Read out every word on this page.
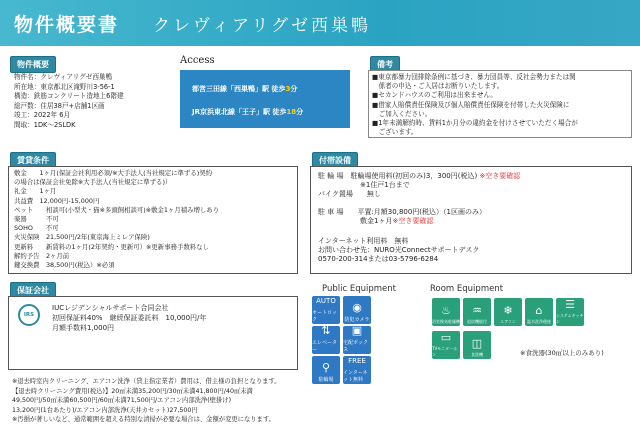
物件概要書 クレヴィアリグゼ西巣鴨
物件概要
物件名：クレヴィアリグゼ西巣鴨
所在地：東京都北区滝野川3-56-1
構造：鉄筋コンクリート造地上6階建
総戸数：住居38戸+店舗1区画
竣工：2022年 6月
間取：1DK～2SLDK
Access
都営三田線「西巣鴨」駅 徒歩3分
JR京浜東北線「王子」駅 徒歩18分
備考
■東京都暴力団排除条例に基づき、暴力団員等、反社会勢力または関
　係者の申込・ご入居はお断りいたします。
■セカンドハウスのご利用は出来ません。
■借家人賠償責任保険及び個人賠償責任保険を付帯した火災保険に
　ご加入ください。
■1年未満解約時、賃料1か月分の違約金を付けさせていただく場合が
　ございます。
賃貸条件
敷金　　1ヶ月(保証会社利用必須/※大手法人(当社規定に準ずる)契約
の場合は保証会社免除※大手法人(当社規定に準ずる)）
礼金　　1ヶ月
共益費　12,000円-15,000円
ペット　　相談可(小型犬・猫※多頭飼相談可)※敷金1ヶ月積み増しあり
楽器　　　不可
SOHO　　不可
火災保険　21,500円/2年(東京海上ミレア保険)
更新料　　新賃料の1ヶ月(2年契約・更新可）※更新事務手数料なし
解約予告　2ヶ月前
鍵交換費　38,500円(税込）※必須
付帯設備
駐 輪 場　駐輪場使用料(初回のみ)3，300円(税込) ※空き要確認
　　　　　　※1住戸1台まで
バイク置場　　無し
駐 車 場　　平置:月額30,800円(税込）（1区画のみ）
　　　　　　敷金1ヶ月※空き要確認
インターネット利用料　無料
お問い合わせ先：NURO光Connectサポートデスク
0570-200-314または03-5796-6284
保証会社
IRS
IUCレジデンシャルサポート合同会社
初回保証料40%　継続保証委託料　10,000円/年
月額手数料1,000円
Public Equipment
AUTO
オートロック
◉
防犯カメラ
⇅
エレベーター
▣
宅配ボックス
⚲
駐輪場
FREE
インターネット無料
Room Equipment
♨
浴室換気乾燥機
♒
追炊機能付
❄
エアコン
⌂
温水洗浄便座
☰
システムキッチン
▭
TVモニターホン
◫
食洗機	※食洗器(30㎡以上のみあり)
※退去時室内クリーニング、エアコン洗浄（貸主指定業者）費用は、借主様の負担となります。
【退去時クリーニング費用(税込)】20㎡未満35,200円/30㎡未満41,800円/40㎡未満
49,500円/50㎡未満60,500円/60㎡未満71,500円/エアコン内部洗浄(壁掛け)
13,200円(1台あたり)/エアコン内部洗浄(天井カセット)27,500円
※汚損が著しいなど、通常範囲を超える特別な清掃が必要な場合は、金額が変更になります。
